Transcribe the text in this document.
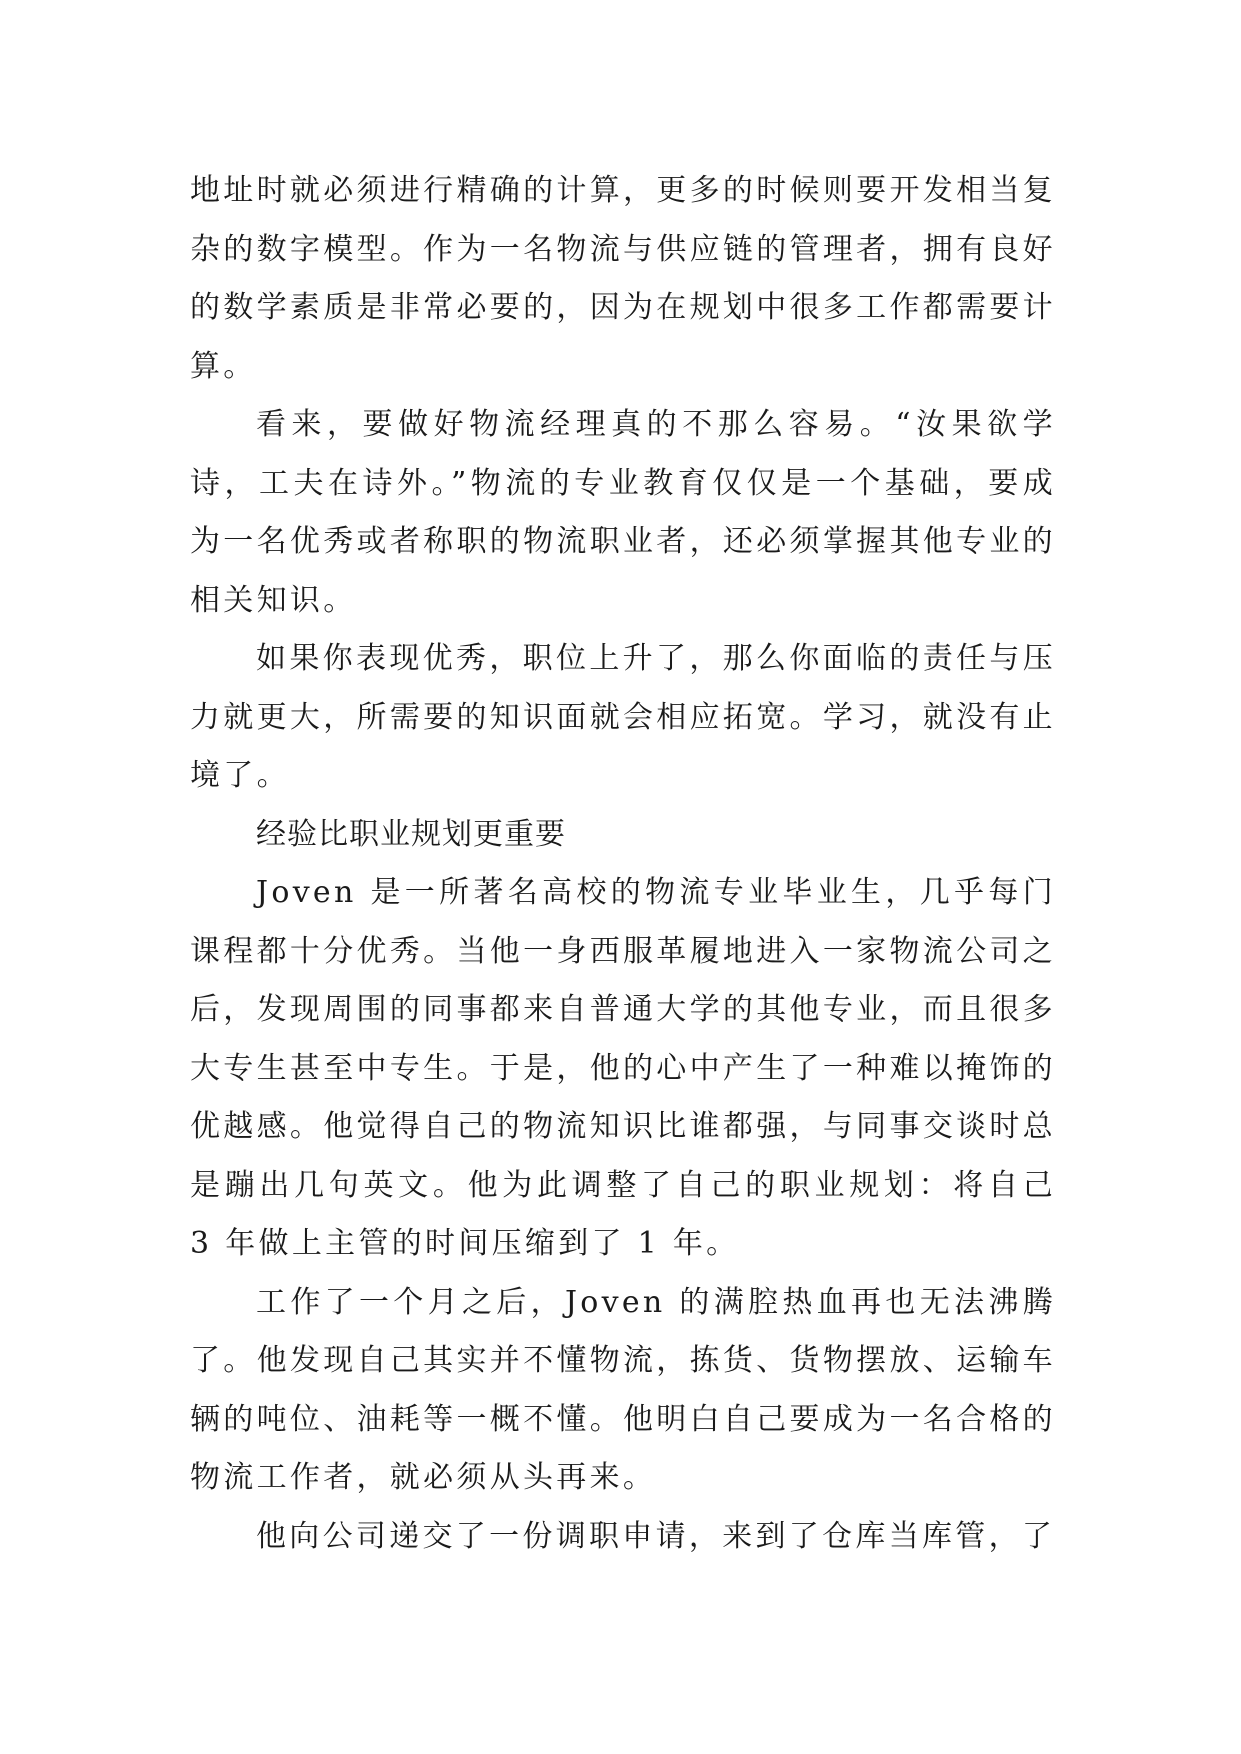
地址时就必须进行精确的计算，更多的时候则要开发相当复杂的数字模型。作为一名物流与供应链的管理者，拥有良好的数学素质是非常必要的，因为在规划中很多工作都需要计算。

看来，要做好物流经理真的不那么容易。“汝果欲学诗，工夫在诗外。”物流的专业教育仅仅是一个基础，要成为一名优秀或者称职的物流职业者，还必须掌握其他专业的相关知识。

如果你表现优秀，职位上升了，那么你面临的责任与压力就更大，所需要的知识面就会相应拓宽。学习，就没有止境了。

经验比职业规划更重要

Joven 是一所著名高校的物流专业毕业生，几乎每门课程都十分优秀。当他一身西服革履地进入一家物流公司之后，发现周围的同事都来自普通大学的其他专业，而且很多大专生甚至中专生。于是，他的心中产生了一种难以掩饰的优越感。他觉得自己的物流知识比谁都强，与同事交谈时总是蹦出几句英文。他为此调整了自己的职业规划：将自己 3 年做上主管的时间压缩到了 1 年。

工作了一个月之后，Joven 的满腔热血再也无法沸腾了。他发现自己其实并不懂物流，拣货、货物摆放、运输车辆的吨位、油耗等一概不懂。他明白自己要成为一名合格的物流工作者，就必须从头再来。

他向公司递交了一份调职申请，来到了仓库当库管，了
